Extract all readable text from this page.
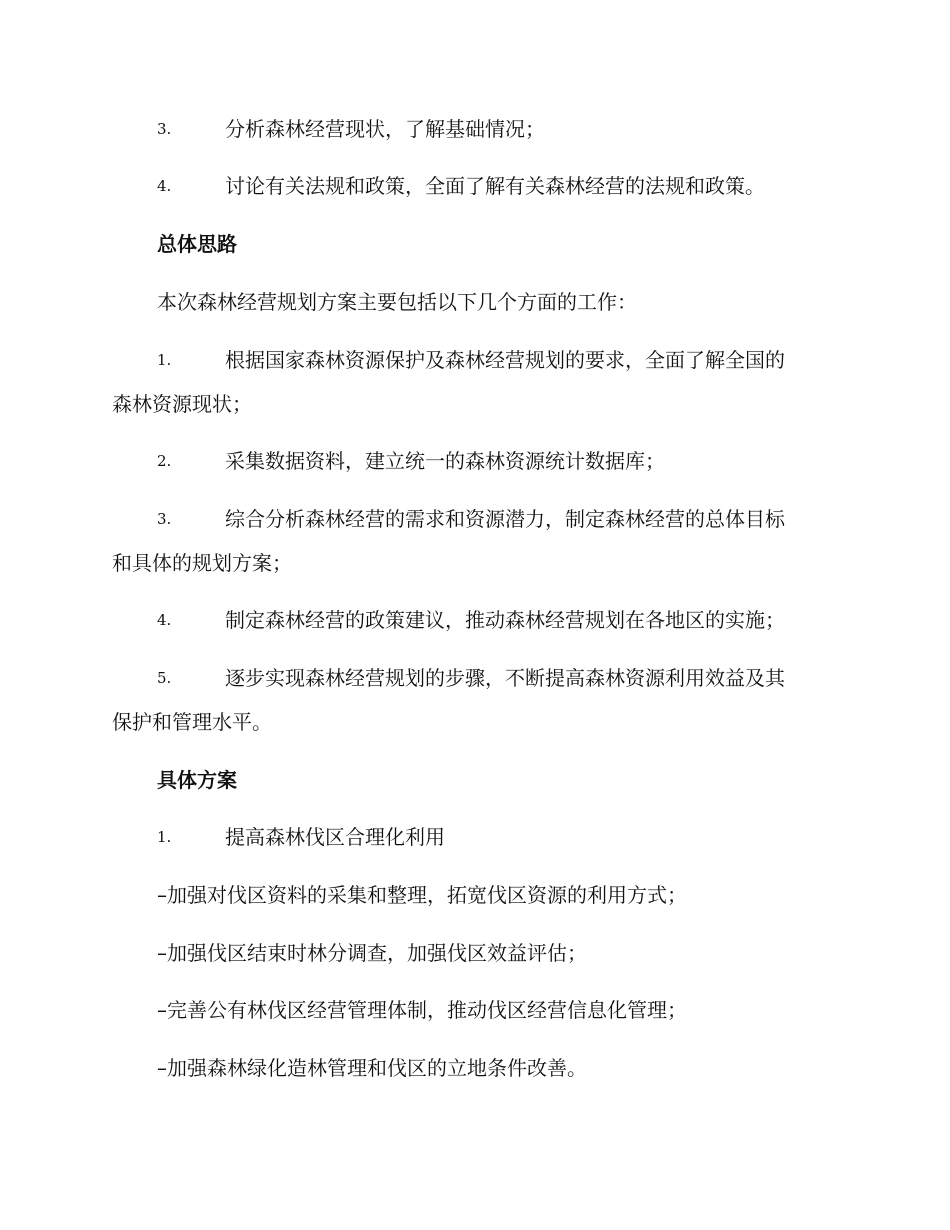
3.	分析森林经营现状，了解基础情况；
4.	讨论有关法规和政策，全面了解有关森林经营的法规和政策。
总体思路
本次森林经营规划方案主要包括以下几个方面的工作：
1.	根据国家森林资源保护及森林经营规划的要求，全面了解全国的
森林资源现状；
2.	采集数据资料，建立统一的森林资源统计数据库；
3.	综合分析森林经营的需求和资源潜力，制定森林经营的总体目标
和具体的规划方案；
4.	制定森林经营的政策建议，推动森林经营规划在各地区的实施；
5.	逐步实现森林经营规划的步骤，不断提高森林资源利用效益及其
保护和管理水平。
具体方案
1.	提高森林伐区合理化利用
–加强对伐区资料的采集和整理，拓宽伐区资源的利用方式；
–加强伐区结束时林分调查，加强伐区效益评估；
–完善公有林伐区经营管理体制，推动伐区经营信息化管理；
–加强森林绿化造林管理和伐区的立地条件改善。
